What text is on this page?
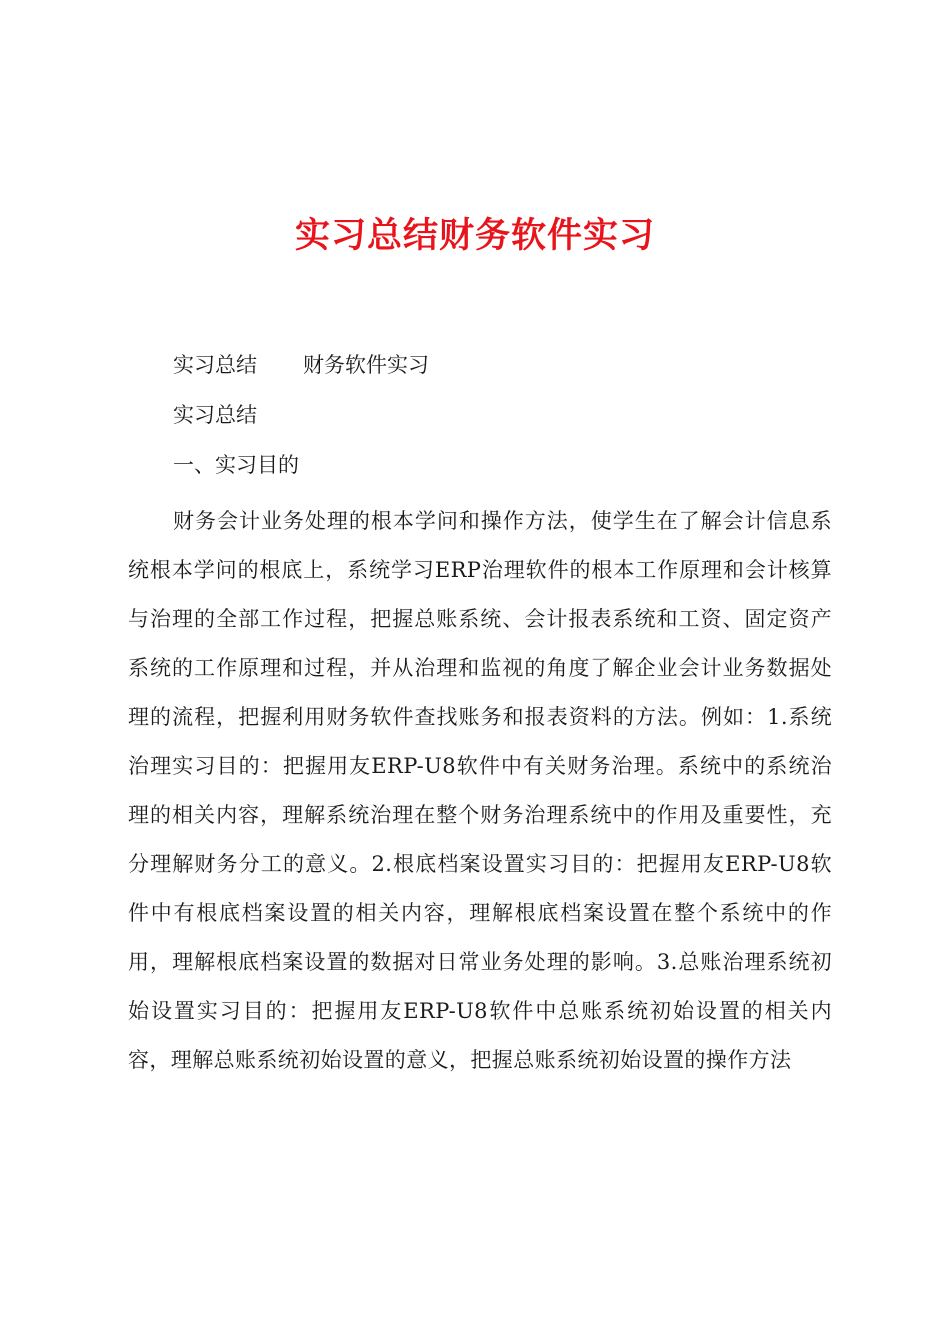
实习总结财务软件实习
实习总结 财务软件实习
实习总结
一、实习目的

财务会计业务处理的根本学问和操作方法，使学生在了解会计信息系统根本学问的根底上，系统学习ERP治理软件的根本工作原理和会计核算与治理的全部工作过程，把握总账系统、会计报表系统和工资、固定资产系统的工作原理和过程，并从治理和监视的角度了解企业会计业务数据处理的流程，把握利用财务软件查找账务和报表资料的方法。例如：1.系统治理实习目的：把握用友ERP-U8软件中有关财务治理。系统中的系统治理的相关内容，理解系统治理在整个财务治理系统中的作用及重要性，充分理解财务分工的意义。2.根底档案设置实习目的：把握用友ERP-U8软件中有根底档案设置的相关内容，理解根底档案设置在整个系统中的作用，理解根底档案设置的数据对日常业务处理的影响。3.总账治理系统初始设置实习目的：把握用友ERP-U8软件中总账系统初始设置的相关内容，理解总账系统初始设置的意义，把握总账系统初始设置的操作方法
